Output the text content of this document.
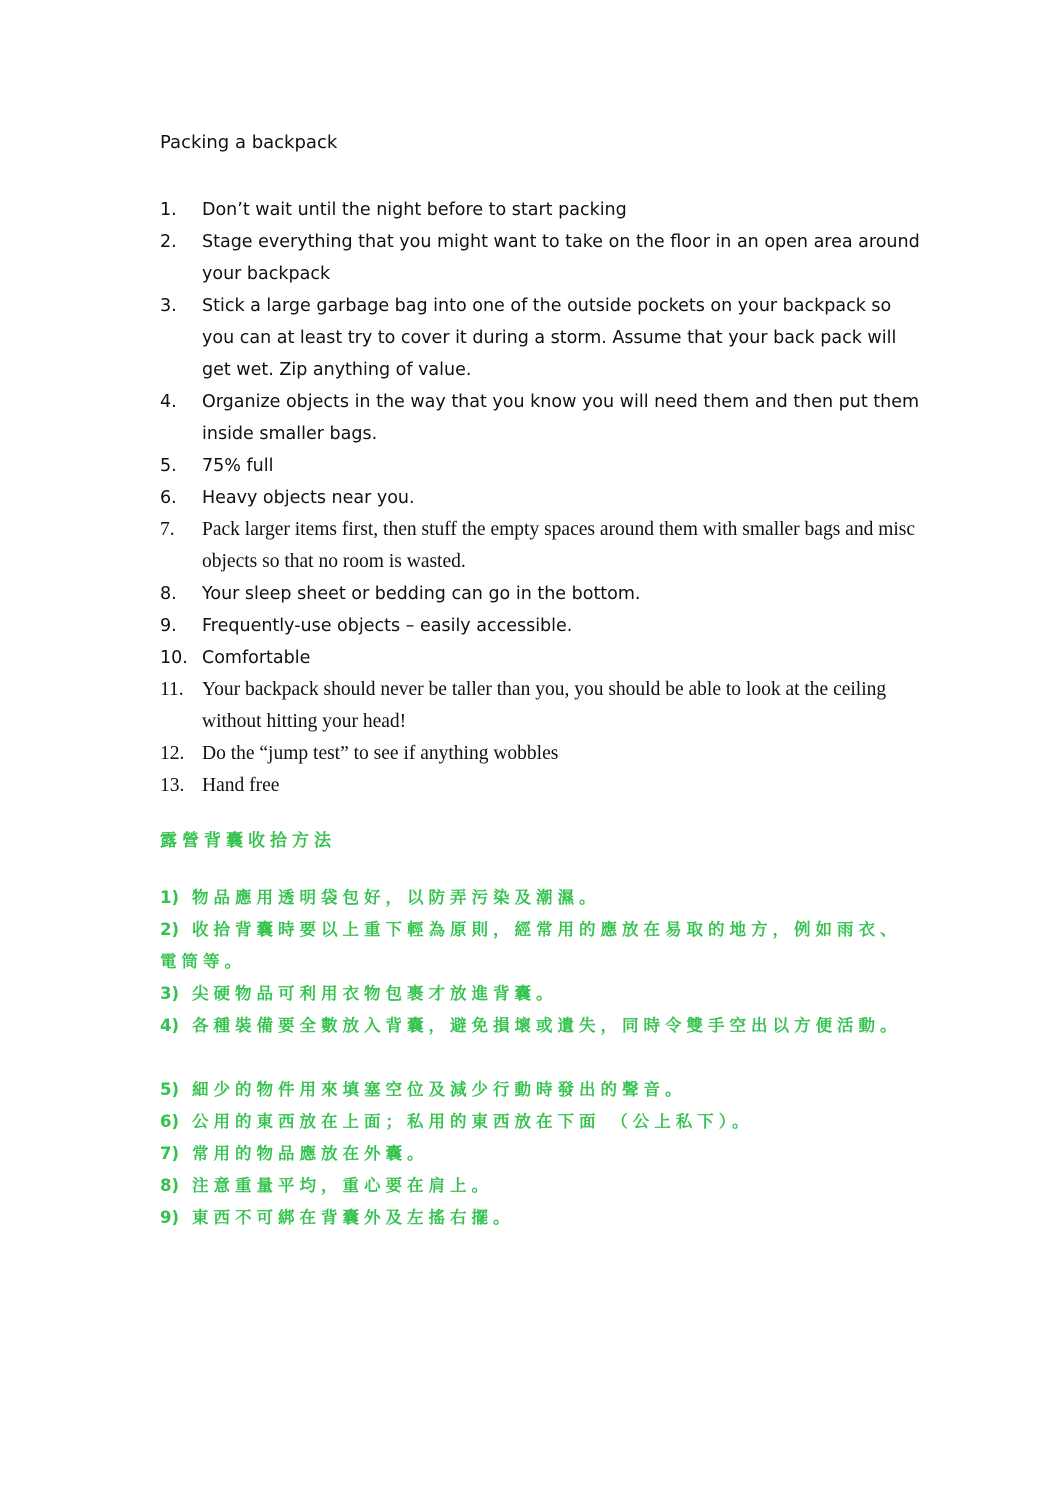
Packing a backpack
1. Don’t wait until the night before to start packing
2. Stage everything that you might want to take on the floor in an open area around your backpack
3. Stick a large garbage bag into one of the outside pockets on your backpack so you can at least try to cover it during a storm. Assume that your back pack will get wet. Zip anything of value.
4. Organize objects in the way that you know you will need them and then put them inside smaller bags.
5. 75% full
6. Heavy objects near you.
7. Pack larger items first, then stuff the empty spaces around them with smaller bags and misc objects so that no room is wasted.
8. Your sleep sheet or bedding can go in the bottom.
9. Frequently-use objects – easily accessible.
10. Comfortable
11. Your backpack should never be taller than you, you should be able to look at the ceiling without hitting your head!
12. Do the “jump test” to see if anything wobbles
13. Hand free
露營背囊收拾方法
1) 物品應用透明袋包好，以防弄污染及潮濕。
2) 收拾背囊時要以上重下輕為原則，經常用的應放在易取的地方，例如雨衣、電筒等。
3) 尖硬物品可利用衣物包裹才放進背囊。
4) 各種裝備要全數放入背囊，避免損壞或遺失，同時令雙手空出以方便活動。
5) 細少的物件用來填塞空位及減少行動時發出的聲音。
6) 公用的東西放在上面；私用的東西放在下面 （公上私下）。
7) 常用的物品應放在外囊。
8) 注意重量平均，重心要在肩上。
9) 東西不可綁在背囊外及左搖右擺。
